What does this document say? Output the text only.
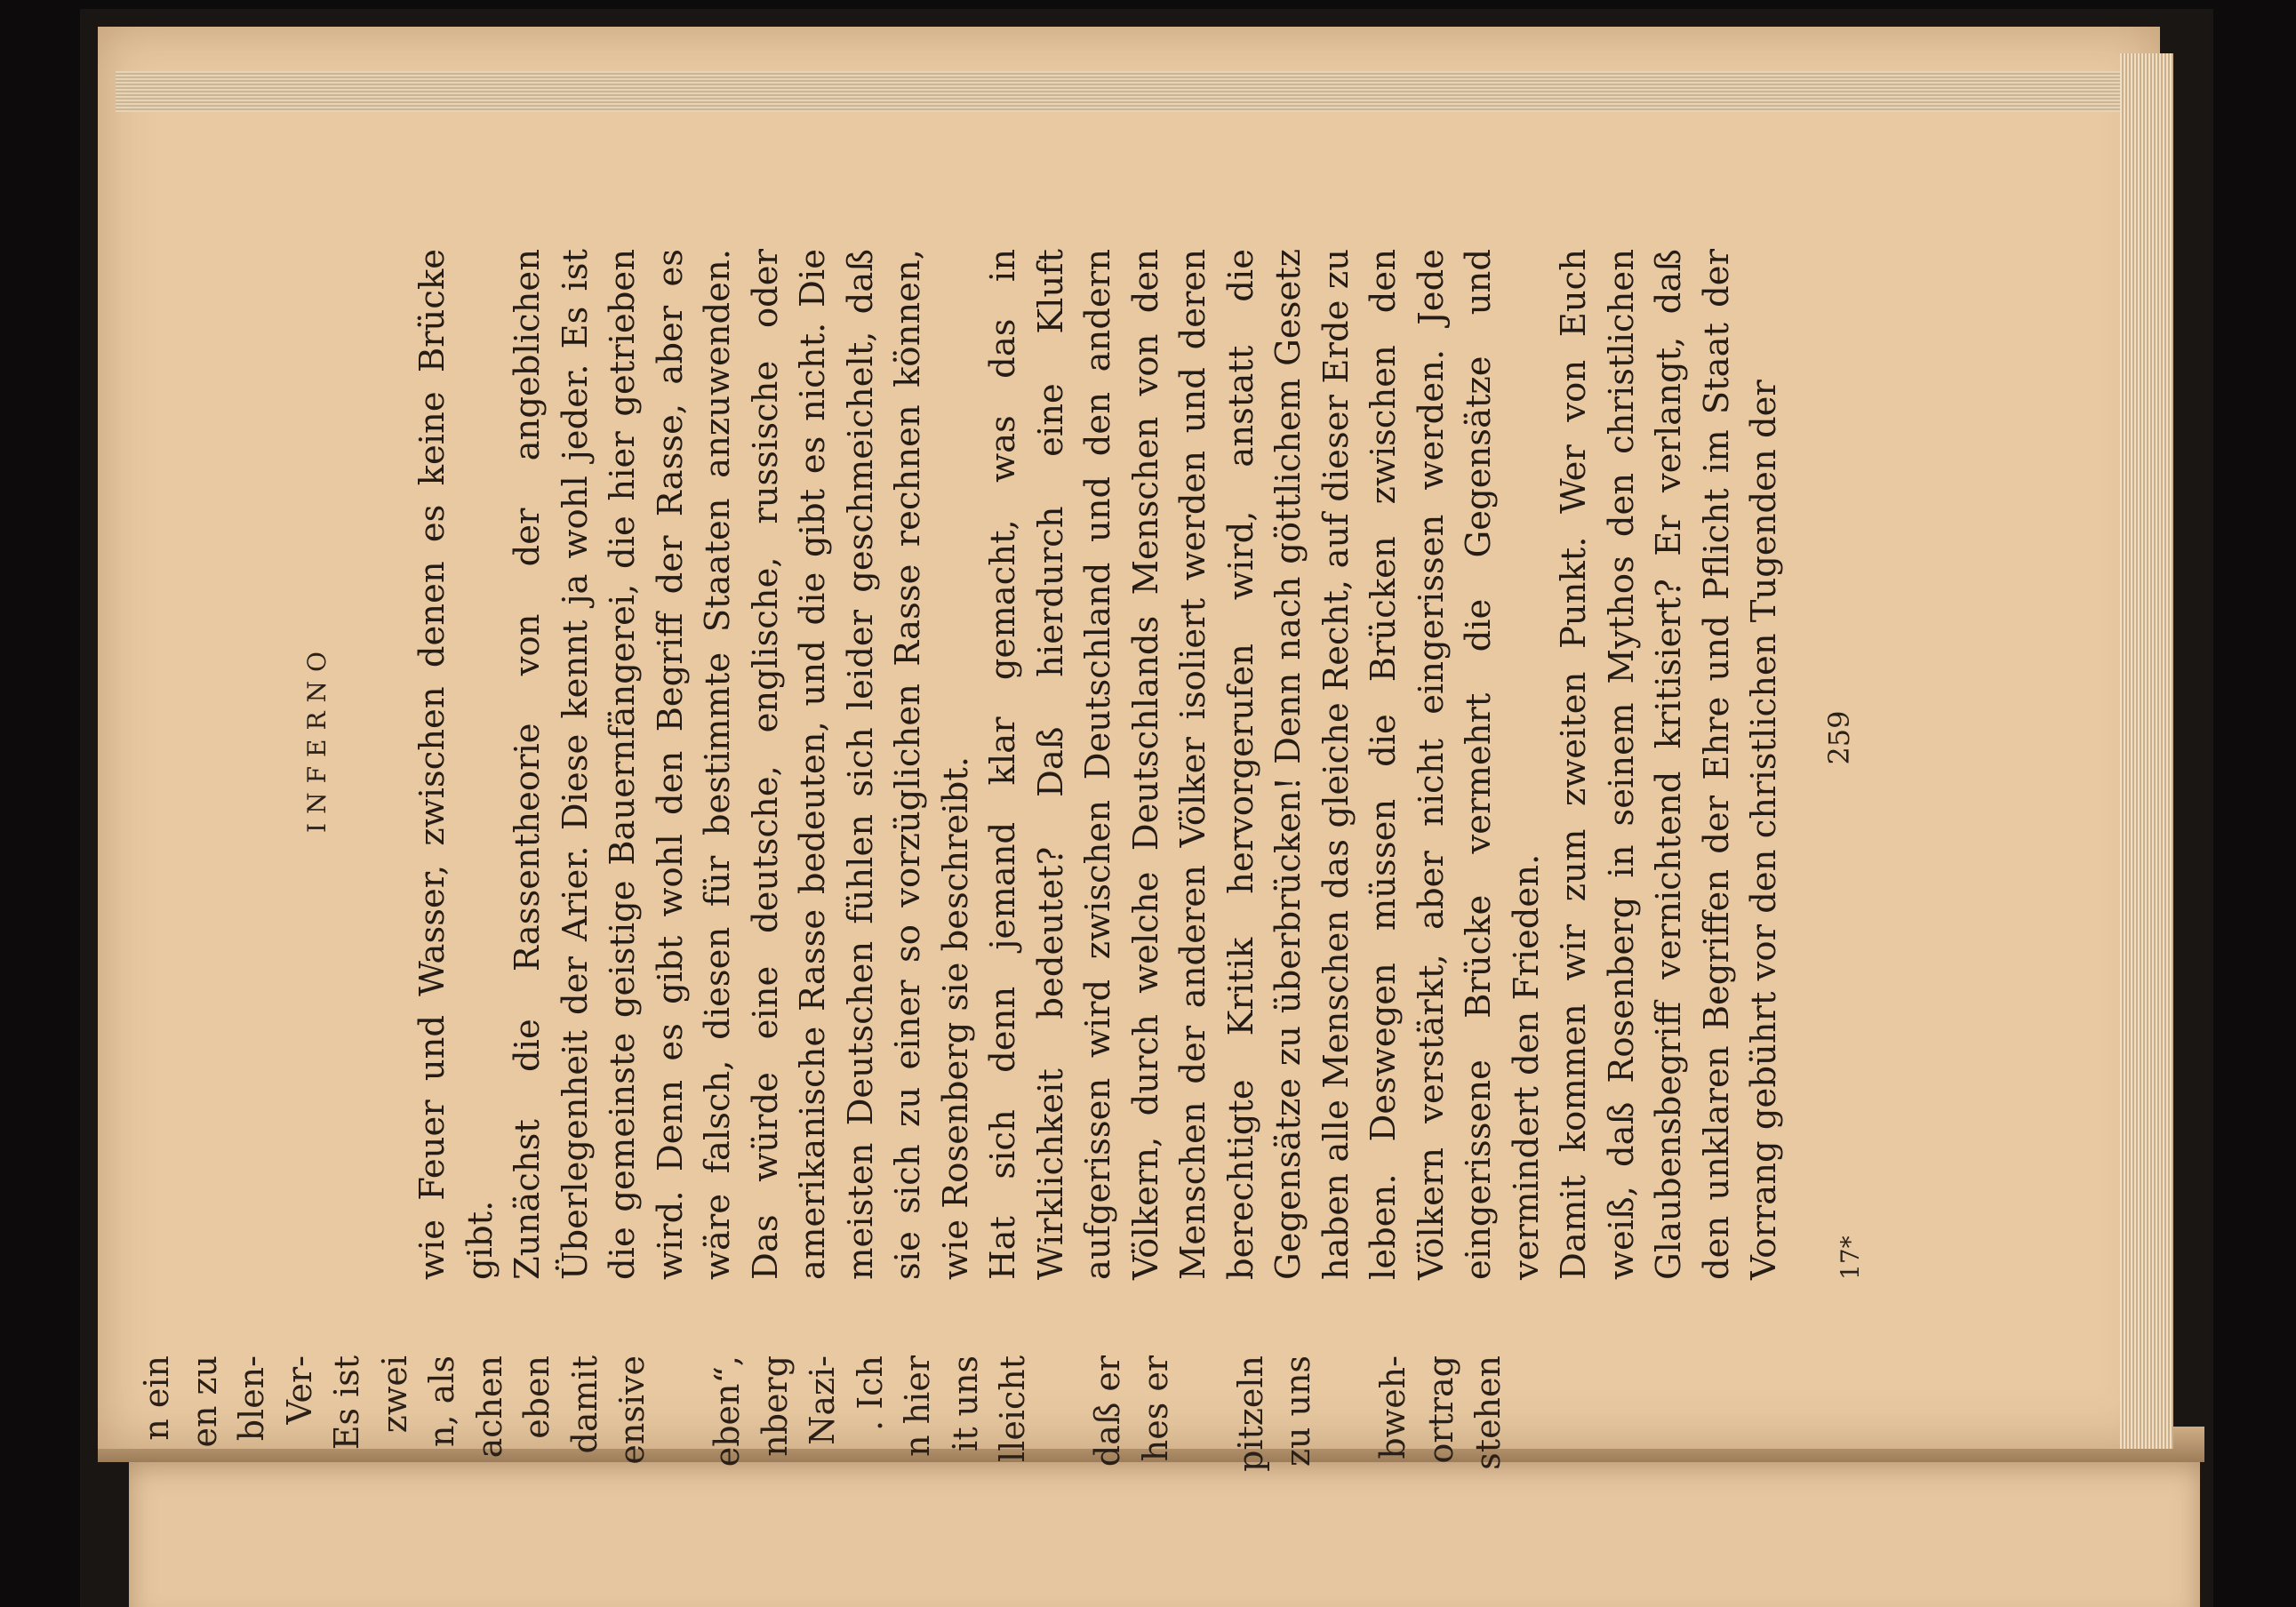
INFERNO wie Feuer und Wasser, zwischen denen es keine Brücke gibt. Zunächst die Rassentheorie von der angeblichen Überlegenheit der Arier. Diese kennt ja wohl jeder. Es ist die gemeinste geistige Bauernfängerei, die hier getrieben wird. Denn es gibt wohl den Begriff der Rasse, aber es wäre falsch, diesen für bestimmte Staaten anzuwenden. Das würde eine deutsche, englische, russische oder amerikanische Rasse bedeuten, und die gibt es nicht. Die meisten Deutschen fühlen sich leider geschmeichelt, daß sie sich zu einer so vorzüglichen Rasse rechnen können, wie Rosenberg sie beschreibt. Hat sich denn jemand klar gemacht, was das in Wirklichkeit bedeutet? Daß hierdurch eine Kluft aufgerissen wird zwischen Deutschland und den andern Völkern, durch welche Deutschlands Menschen von den Menschen der anderen Völker isoliert werden und deren berechtigte Kritik hervorgerufen wird, anstatt die Gegensätze zu überbrücken! Denn nach göttlichem Gesetz haben alle Menschen das gleiche Recht, auf dieser Erde zu leben. Deswegen müssen die Brücken zwischen den Völkern verstärkt, aber nicht eingerissen werden. Jede eingerissene Brücke vermehrt die Gegensätze und vermindert den Frieden. Damit kommen wir zum zweiten Punkt. Wer von Euch weiß, daß Rosenberg in seinem Mythos den christlichen Glaubensbegriff vernichtend kritisiert? Er verlangt, daß den unklaren Begriffen der Ehre und Pflicht im Staat der Vorrang gebührt vor den christlichen Tugenden der 17*
259
n ein en zu blen- Ver- Es ist zwei n, als achen eben damit ensive
eben“, nberg Nazi- . Ich n hier it uns lleicht
daß er hes er
pitzeln zu uns
bweh- ortrag stehen
